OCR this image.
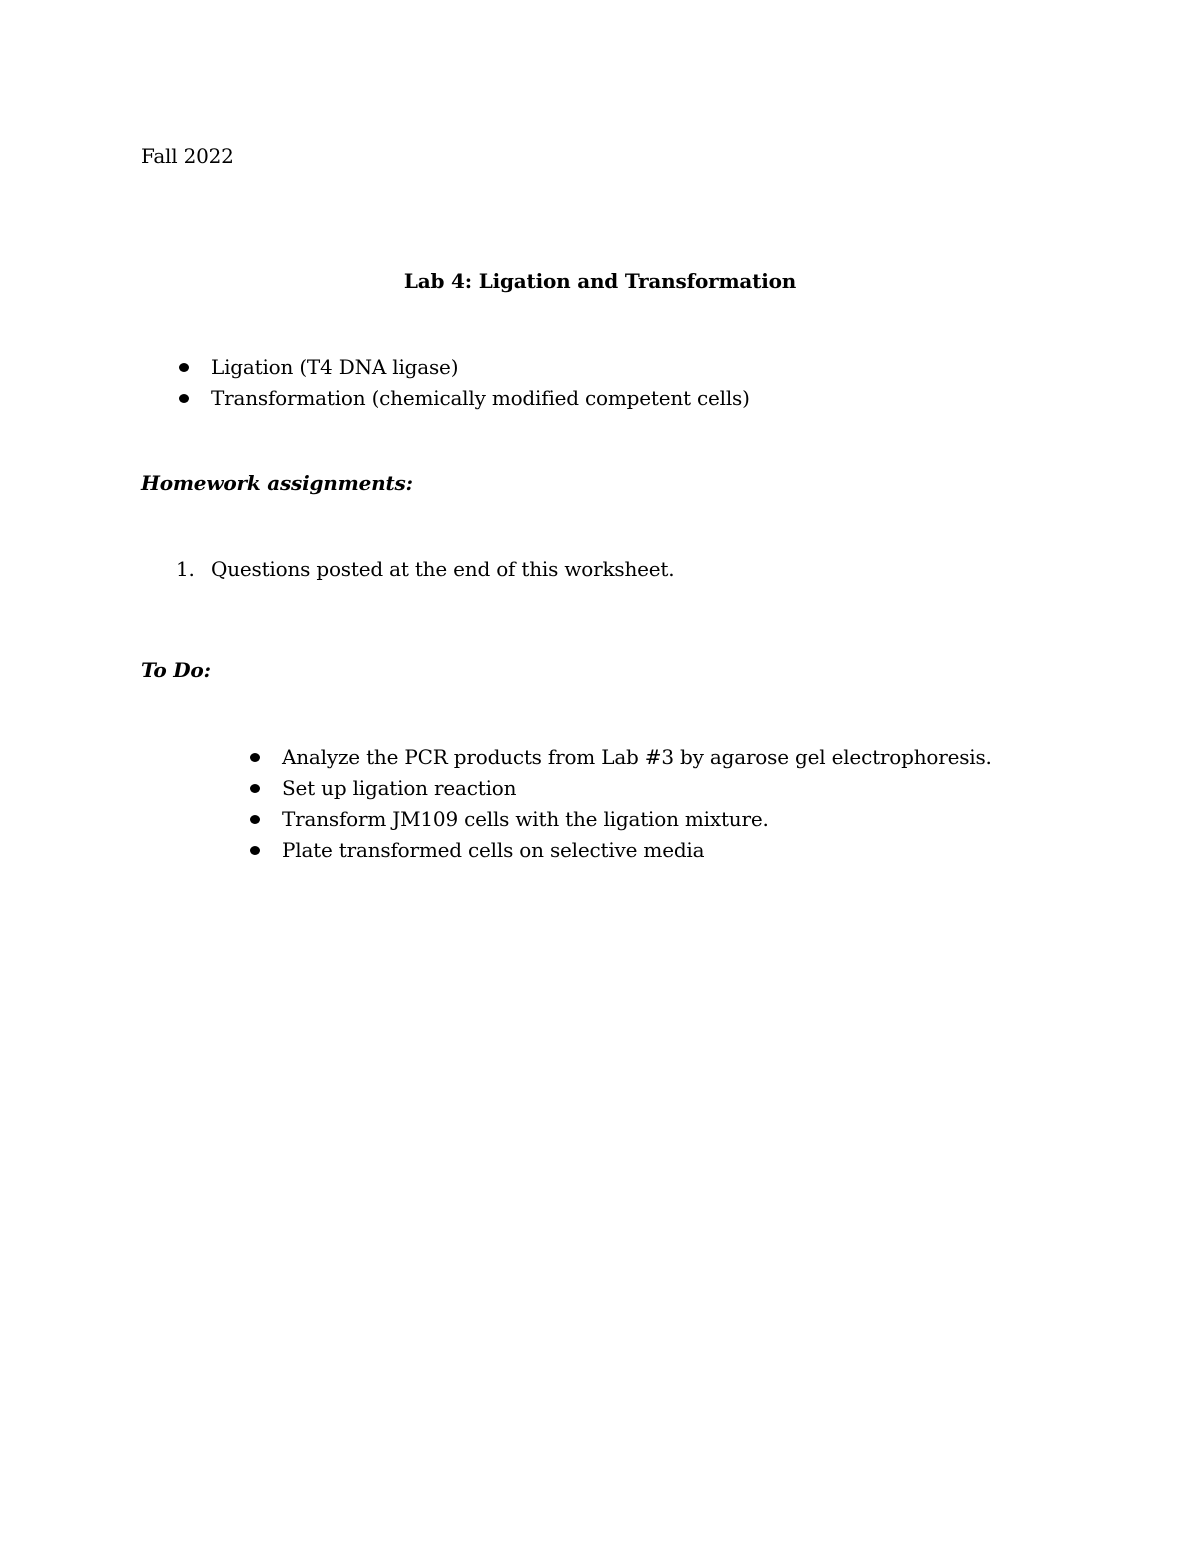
Fall 2022
Lab 4: Ligation and Transformation
Ligation (T4 DNA ligase)
Transformation (chemically modified competent cells)
Homework assignments:
1. Questions posted at the end of this worksheet.
To Do:
Analyze the PCR products from Lab #3 by agarose gel electrophoresis.
Set up ligation reaction
Transform JM109 cells with the ligation mixture.
Plate transformed cells on selective media
